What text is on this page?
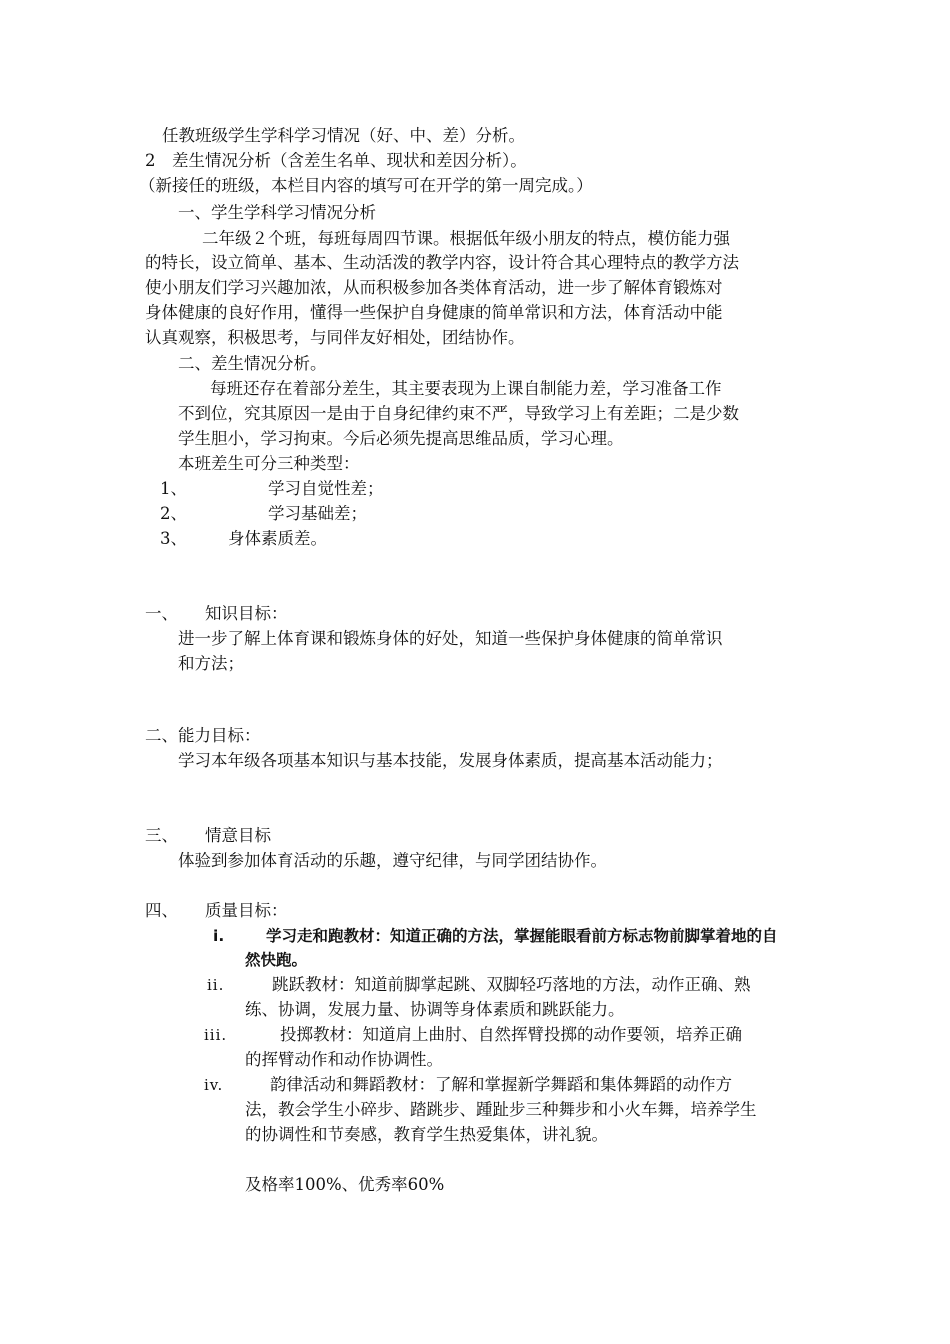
任教班级学生学科学习情况（好、中、差）分析。
2 差生情况分析（含差生名单、现状和差因分析）。
（新接任的班级，本栏目内容的填写可在开学的第一周完成。）
一、学生学科学习情况分析
二年级２个班，每班每周四节课。根据低年级小朋友的特点，模仿能力强
的特长，设立简单、基本、生动活泼的教学内容，设计符合其心理特点的教学方法
使小朋友们学习兴趣加浓，从而积极参加各类体育活动，进一步了解体育锻炼对
身体健康的良好作用，懂得一些保护自身健康的简单常识和方法，体育活动中能
认真观察，积极思考，与同伴友好相处，团结协作。
二、差生情况分析。
每班还存在着部分差生，其主要表现为上课自制能力差，学习准备工作
不到位，究其原因一是由于自身纪律约束不严，导致学习上有差距；二是少数
学生胆小，学习拘束。今后必须先提高思维品质，学习心理。
本班差生可分三种类型：
1、	学习自觉性差；
2、	学习基础差；
3、 身体素质差。
一、 知识目标：
进一步了解上体育课和锻炼身体的好处，知道一些保护身体健康的简单常识
和方法；
二、能力目标：
学习本年级各项基本知识与基本技能，发展身体素质，提高基本活动能力；
三、 情意目标
体验到参加体育活动的乐趣，遵守纪律，与同学团结协作。
四、 质量目标：
i.	学习走和跑教材：知道正确的方法，掌握能眼看前方标志物前脚掌着地的自
然快跑。
ii.	跳跃教材：知道前脚掌起跳、双脚轻巧落地的方法，动作正确、熟
练、协调，发展力量、协调等身体素质和跳跃能力。
iii.	投掷教材：知道肩上曲肘、自然挥臂投掷的动作要领，培养正确
的挥臂动作和动作协调性。
iv.	韵律活动和舞蹈教材：了解和掌握新学舞蹈和集体舞蹈的动作方
法，教会学生小碎步、踏跳步、踵趾步三种舞步和小火车舞，培养学生
的协调性和节奏感，教育学生热爱集体，讲礼貌。
及格率100%、优秀率60%
